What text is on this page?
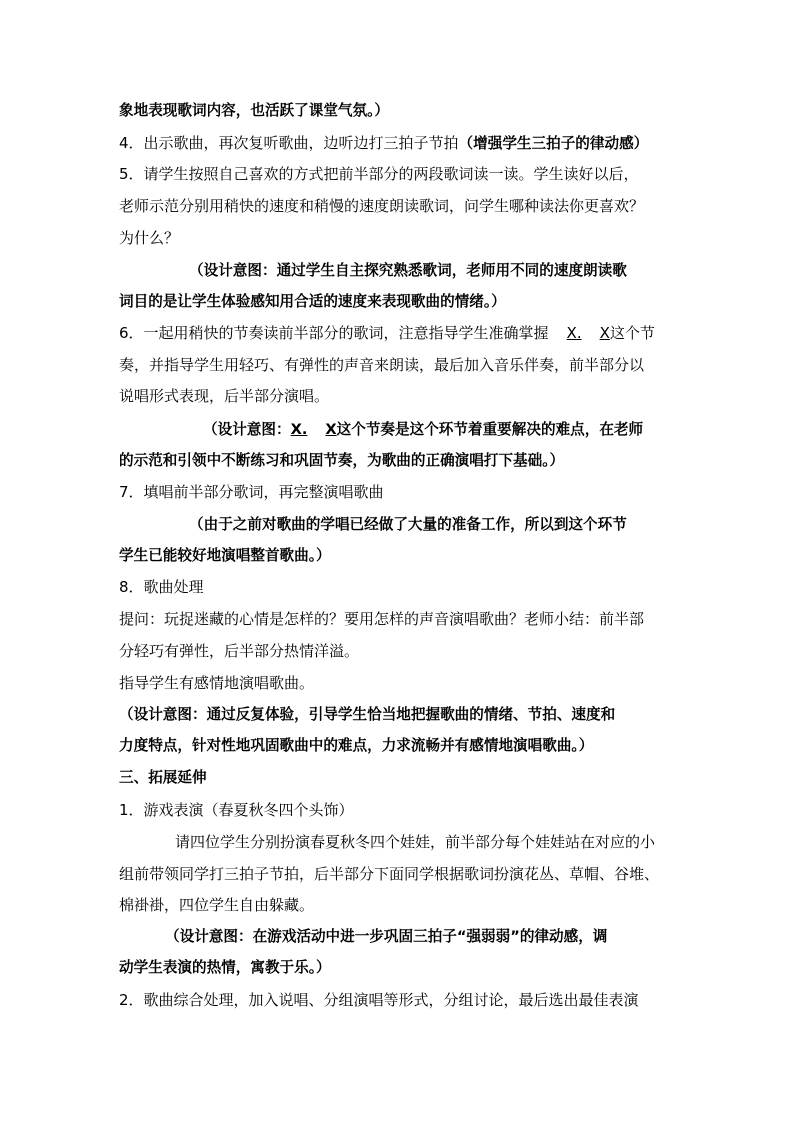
象地表现歌词内容，也活跃了课堂气氛。）
4．出示歌曲，再次复听歌曲，边听边打三拍子节拍（增强学生三拍子的律动感）
5．请学生按照自己喜欢的方式把前半部分的两段歌词读一读。学生读好以后，
老师示范分别用稍快的速度和稍慢的速度朗读歌词，问学生哪种读法你更喜欢？
为什么？
（设计意图：通过学生自主探究熟悉歌词，老师用不同的速度朗读歌
词目的是让学生体验感知用合适的速度来表现歌曲的情绪。）
6．一起用稍快的节奏读前半部分的歌词，注意指导学生准确掌握 X. X这个节
奏，并指导学生用轻巧、有弹性的声音来朗读，最后加入音乐伴奏，前半部分以
说唱形式表现，后半部分演唱。
（设计意图：X. X这个节奏是这个环节着重要解决的难点，在老师
的示范和引领中不断练习和巩固节奏，为歌曲的正确演唱打下基础。）
7．填唱前半部分歌词，再完整演唱歌曲
（由于之前对歌曲的学唱已经做了大量的准备工作，所以到这个环节
学生已能较好地演唱整首歌曲。）
8．歌曲处理
提问：玩捉迷藏的心情是怎样的？要用怎样的声音演唱歌曲？老师小结：前半部
分轻巧有弹性，后半部分热情洋溢。
指导学生有感情地演唱歌曲。
（设计意图：通过反复体验，引导学生恰当地把握歌曲的情绪、节拍、速度和
力度特点，针对性地巩固歌曲中的难点，力求流畅并有感情地演唱歌曲。）
三、拓展延伸
1．游戏表演（春夏秋冬四个头饰）
请四位学生分别扮演春夏秋冬四个娃娃，前半部分每个娃娃站在对应的小
组前带领同学打三拍子节拍，后半部分下面同学根据歌词扮演花丛、草帽、谷堆、
棉褂褂，四位学生自由躲藏。
（设计意图：在游戏活动中进一步巩固三拍子“强弱弱”的律动感，调
动学生表演的热情，寓教于乐。）
2．歌曲综合处理，加入说唱、分组演唱等形式，分组讨论，最后选出最佳表演
